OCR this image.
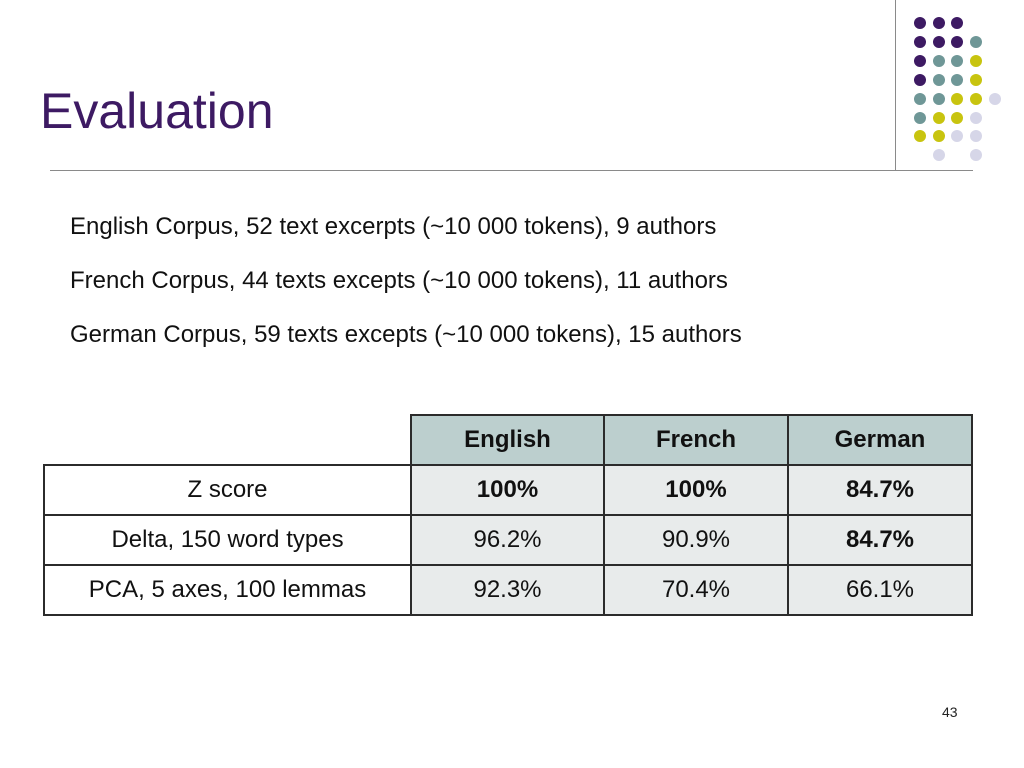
Evaluation
English Corpus, 52 text excerpts (~10 000 tokens), 9 authors
French Corpus, 44 texts excepts (~10 000 tokens), 11 authors
German Corpus, 59 texts excepts (~10 000 tokens), 15 authors
	English	French	German
Z score	100%	100%	84.7%
Delta, 150 word types	96.2%	90.9%	84.7%
PCA, 5 axes, 100 lemmas	92.3%	70.4%	66.1%
43
